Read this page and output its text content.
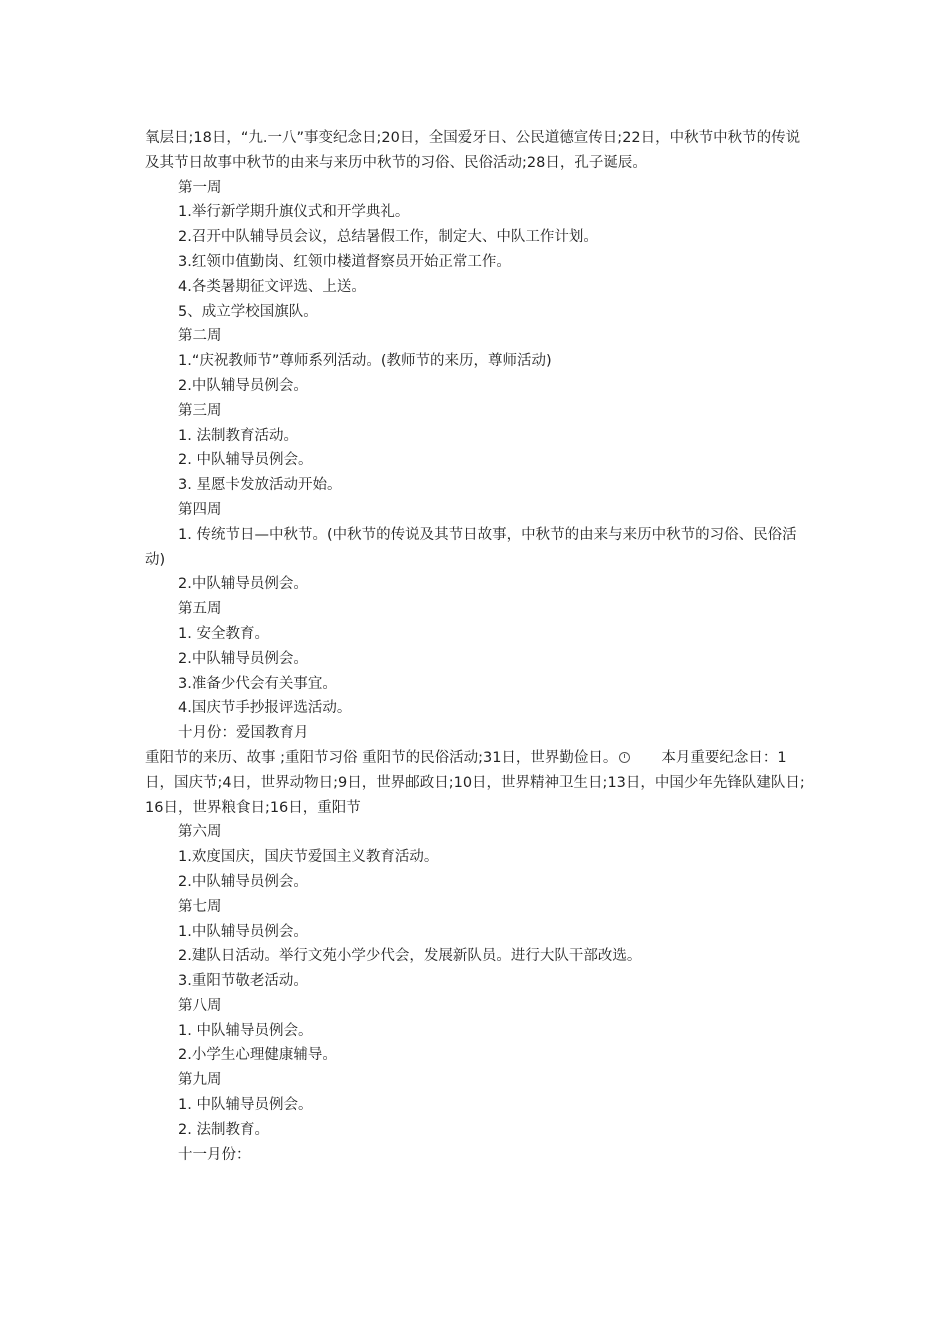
氧层日;18日，“九.一八”事变纪念日;20日，全国爱牙日、公民道德宣传日;22日，中秋节中秋节的传说及其节日故事中秋节的由来与来历中秋节的习俗、民俗活动;28日，孔子诞辰。

第一周

1.举行新学期升旗仪式和开学典礼。

2.召开中队辅导员会议，总结暑假工作，制定大、中队工作计划。

3.红领巾值勤岗、红领巾楼道督察员开始正常工作。

4.各类暑期征文评选、上送。

5、成立学校国旗队。

第二周

1.“庆祝教师节”尊师系列活动。(教师节的来历，尊师活动)

2.中队辅导员例会。

第三周

1. 法制教育活动。

2. 中队辅导员例会。

3. 星愿卡发放活动开始。

第四周

1. 传统节日—中秋节。(中秋节的传说及其节日故事，中秋节的由来与来历中秋节的习俗、民俗活动)

2.中队辅导员例会。

第五周

1. 安全教育。

2.中队辅导员例会。

3.准备少代会有关事宜。

4.国庆节手抄报评选活动。

十月份：爱国教育月

重阳节的来历、故事 ;重阳节习俗 重阳节的民俗活动;31日，世界勤俭日。　　本月重要纪念日：1日，国庆节;4日，世界动物日;9日，世界邮政日;10日，世界精神卫生日;13日，中国少年先锋队建队日;16日，世界粮食日;16日，重阳节

第六周

1.欢度国庆，国庆节爱国主义教育活动。

2.中队辅导员例会。

第七周

1.中队辅导员例会。

2.建队日活动。举行文苑小学少代会，发展新队员。进行大队干部改选。

3.重阳节敬老活动。

第八周

1. 中队辅导员例会。

2.小学生心理健康辅导。

第九周

1. 中队辅导员例会。

2. 法制教育。

十一月份：
